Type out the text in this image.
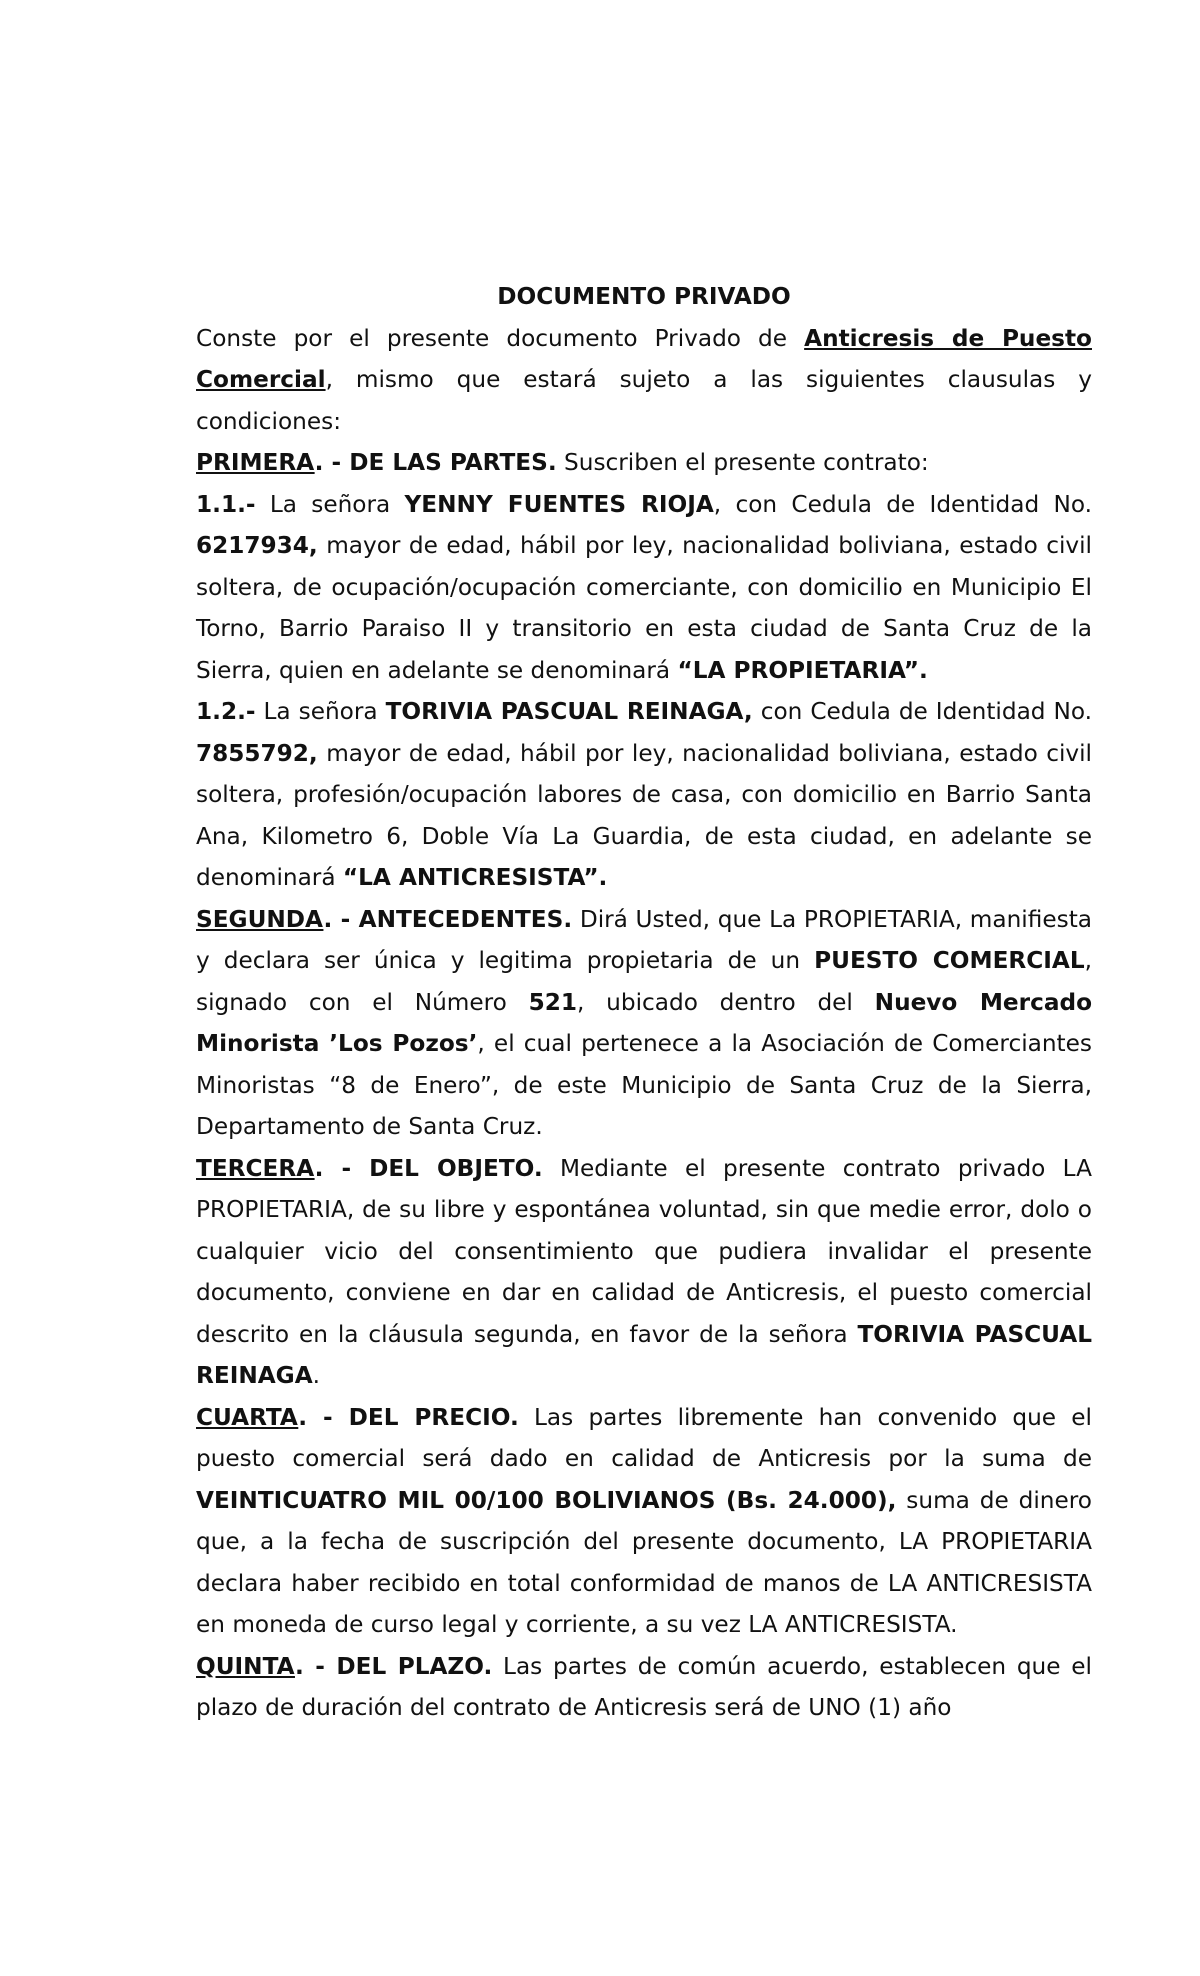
DOCUMENTO PRIVADO

Conste por el presente documento Privado de Anticresis de Puesto Comercial, mismo que estará sujeto a las siguientes clausulas y condiciones:

PRIMERA. - DE LAS PARTES. Suscriben el presente contrato:

1.1.- La señora YENNY FUENTES RIOJA, con Cedula de Identidad No. 6217934, mayor de edad, hábil por ley, nacionalidad boliviana, estado civil soltera, de ocupación/ocupación comerciante, con domicilio en Municipio El Torno, Barrio Paraiso II y transitorio en esta ciudad de Santa Cruz de la Sierra, quien en adelante se denominará “LA PROPIETARIA”.

1.2.- La señora TORIVIA PASCUAL REINAGA, con Cedula de Identidad No. 7855792, mayor de edad, hábil por ley, nacionalidad boliviana, estado civil soltera, profesión/ocupación labores de casa, con domicilio en Barrio Santa Ana, Kilometro 6, Doble Vía La Guardia, de esta ciudad, en adelante se denominará “LA ANTICRESISTA”.

SEGUNDA. - ANTECEDENTES. Dirá Usted, que La PROPIETARIA, manifiesta y declara ser única y legitima propietaria de un PUESTO COMERCIAL, signado con el Número 521, ubicado dentro del Nuevo Mercado Minorista ’Los Pozos’, el cual pertenece a la Asociación de Comerciantes Minoristas “8 de Enero”, de este Municipio de Santa Cruz de la Sierra, Departamento de Santa Cruz.

TERCERA. - DEL OBJETO. Mediante el presente contrato privado LA PROPIETARIA, de su libre y espontánea voluntad, sin que medie error, dolo o cualquier vicio del consentimiento que pudiera invalidar el presente documento, conviene en dar en calidad de Anticresis, el puesto comercial descrito en la cláusula segunda, en favor de la señora TORIVIA PASCUAL REINAGA.

CUARTA. - DEL PRECIO. Las partes libremente han convenido que el puesto comercial será dado en calidad de Anticresis por la suma de VEINTICUATRO MIL 00/100 BOLIVIANOS (Bs. 24.000), suma de dinero que, a la fecha de suscripción del presente documento, LA PROPIETARIA declara haber recibido en total conformidad de manos de LA ANTICRESISTA en moneda de curso legal y corriente, a su vez LA ANTICRESISTA.

QUINTA. - DEL PLAZO. Las partes de común acuerdo, establecen que el plazo de duración del contrato de Anticresis será de UNO (1) año
